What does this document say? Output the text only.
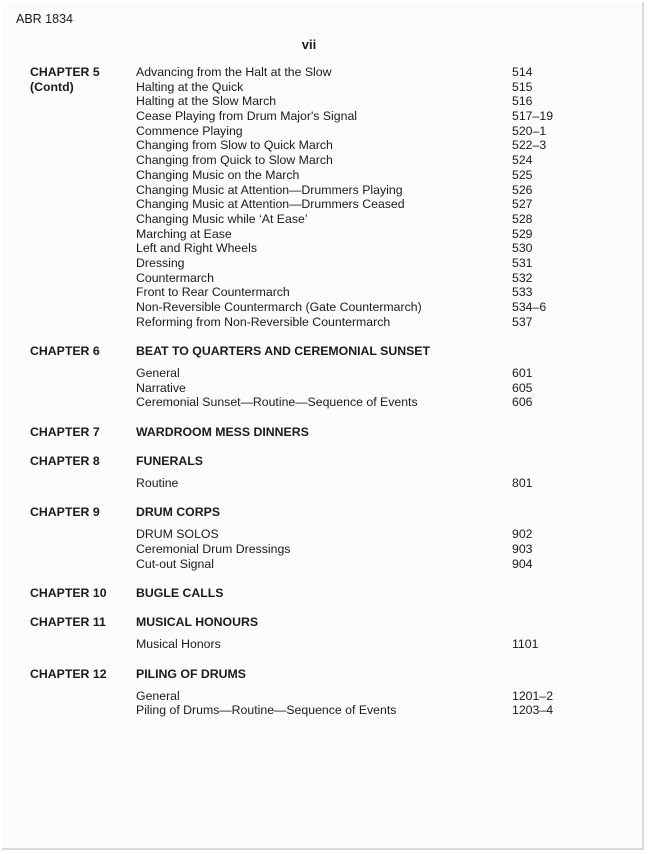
ABR 1834
vii
CHAPTER 5	Advancing from the Halt at the Slow	514
(Contd)	Halting at the Quick	515
Halting at the Slow March	516
Cease Playing from Drum Major's Signal	517–19
Commence Playing	520–1
Changing from Slow to Quick March	522–3
Changing from Quick to Slow March	524
Changing Music on the March	525
Changing Music at Attention—Drummers Playing	526
Changing Music at Attention—Drummers Ceased	527
Changing Music while ‘At Ease’	528
Marching at Ease	529
Left and Right Wheels	530
Dressing	531
Countermarch	532
Front to Rear Countermarch	533
Non-Reversible Countermarch (Gate Countermarch)	534–6
Reforming from Non-Reversible Countermarch	537
CHAPTER 6	BEAT TO QUARTERS AND CEREMONIAL SUNSET
General	601
Narrative	605
Ceremonial Sunset—Routine—Sequence of Events	606
CHAPTER 7	WARDROOM MESS DINNERS
CHAPTER 8	FUNERALS
Routine	801
CHAPTER 9	DRUM CORPS
DRUM SOLOS	902
Ceremonial Drum Dressings	903
Cut-out Signal	904
CHAPTER 10 BUGLE CALLS
CHAPTER 11 MUSICAL HONOURS
Musical Honors	1101
CHAPTER 12 PILING OF DRUMS
General	1201–2
Piling of Drums—Routine—Sequence of Events	1203–4
